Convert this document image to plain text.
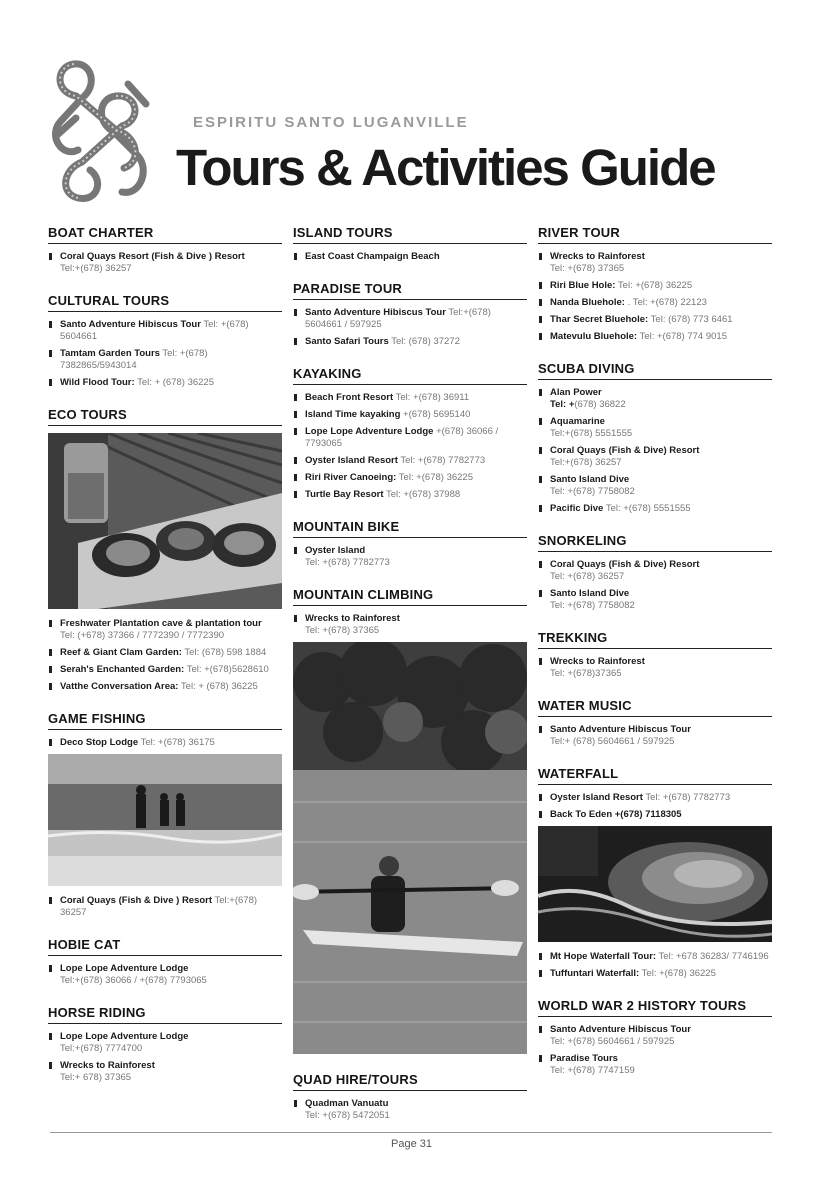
ESPIRITU SANTO LUGANVILLE
Tours & Activities Guide
BOAT CHARTER
Coral Quays Resort (Fish & Dive ) Resort
Tel:+(678) 36257
CULTURAL TOURS
Santo Adventure Hibiscus Tour Tel: +(678) 5604661
Tamtam Garden Tours Tel: +(678) 7382865/5943014
Wild Flood Tour: Tel: + (678) 36225
ECO TOURS
Freshwater Plantation cave & plantation tour
Tel: (+678) 37366 / 7772390 / 7772390
Reef & Giant Clam Garden: Tel: (678) 598 1884
Serah's Enchanted Garden: Tel: +(678)5628610
Vatthe Conversation Area: Tel: + (678) 36225
GAME FISHING
Deco Stop Lodge Tel: +(678) 36175
Coral Quays (Fish & Dive ) Resort Tel:+(678) 36257
HOBIE CAT
Lope Lope Adventure Lodge
Tel:+(678) 36066 / +(678) 7793065
HORSE RIDING
Lope Lope Adventure Lodge
Tel:+(678) 7774700
Wrecks to Rainforest
Tel:+ 678) 37365
ISLAND TOURS
East Coast Champaign Beach
PARADISE TOUR
Santo Adventure Hibiscus Tour Tel:+(678) 5604661 / 597925
Santo Safari Tours Tel: (678) 37272
KAYAKING
Beach Front Resort Tel: +(678) 36911
Island Time kayaking +(678) 5695140
Lope Lope Adventure Lodge +(678) 36066 / 7793065
Oyster Island Resort Tel: +(678) 7782773
Riri River Canoeing: Tel: +(678) 36225
Turtle Bay Resort Tel: +(678) 37988
MOUNTAIN BIKE
Oyster Island
Tel: +(678) 7782773
MOUNTAIN CLIMBING
Wrecks to Rainforest
Tel: +(678) 37365
QUAD HIRE/TOURS
Quadman Vanuatu
Tel: +(678) 5472051
RIVER TOUR
Wrecks to Rainforest
Tel: +(678) 37365
Riri Blue Hole: Tel: +(678) 36225
Nanda Bluehole: . Tel: +(678) 22123
Thar Secret Bluehole: Tel: (678) 773 6461
Matevulu Bluehole: Tel: +(678) 774 9015
SCUBA DIVING
Alan Power
Tel: +(678) 36822
Aquamarine
Tel:+(678) 5551555
Coral Quays (Fish & Dive) Resort
Tel:+(678) 36257
Santo Island Dive
Tel: +(678) 7758082
Pacific Dive Tel: +(678) 5551555
SNORKELING
Coral Quays (Fish & Dive) Resort
Tel: +(678) 36257
Santo Island Dive
Tel: +(678) 7758082
TREKKING
Wrecks to Rainforest
Tel: +(678)37365
WATER MUSIC
Santo Adventure Hibiscus Tour
Tel:+ (678) 5604661 / 597925
WATERFALL
Oyster Island Resort Tel: +(678) 7782773
Back To Eden +(678) 7118305
Mt Hope Waterfall Tour: Tel: +678 36283/ 7746196
Tuffuntari Waterfall: Tel: +(678) 36225
WORLD WAR 2 HISTORY TOURS
Santo Adventure Hibiscus Tour
Tel: +(678) 5604661 / 597925
Paradise Tours
Tel: +(678) 7747159
Page 31
